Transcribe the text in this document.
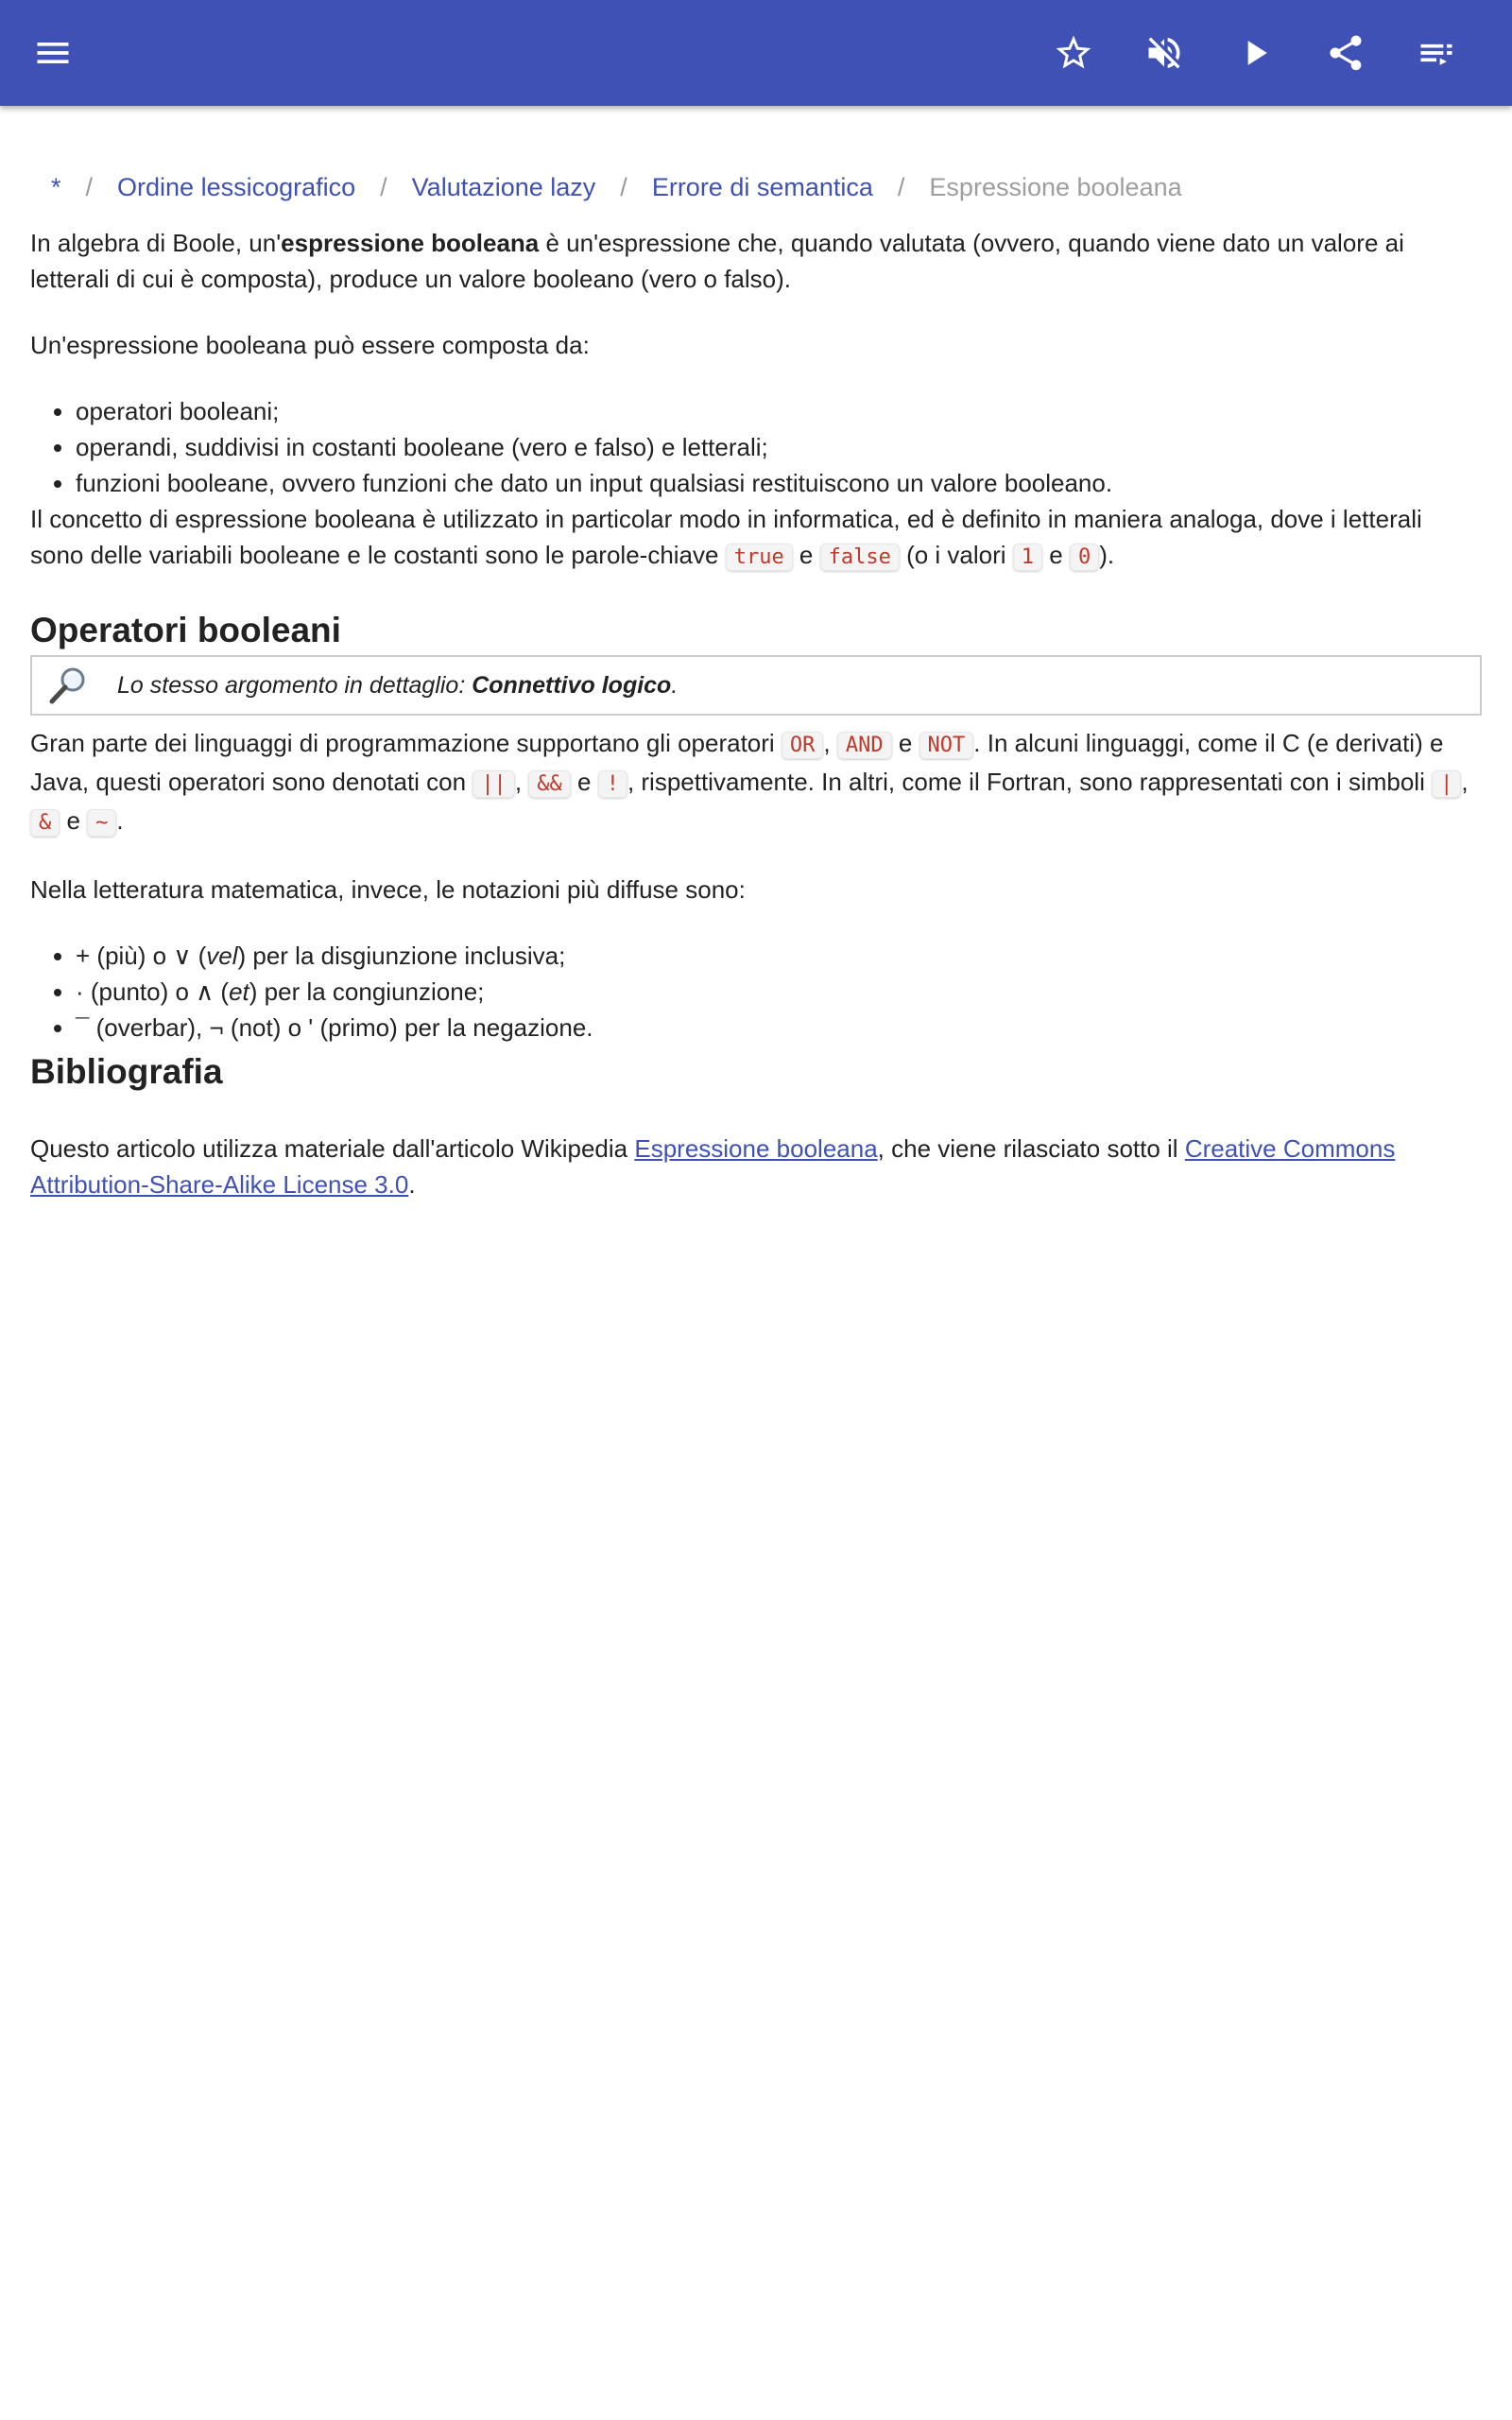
* / Ordine lessicografico / Valutazione lazy / Errore di semantica / Espressione booleana

In algebra di Boole, un'espressione booleana è un'espressione che, quando valutata (ovvero, quando viene dato un valore ai letterali di cui è composta), produce un valore booleano (vero o falso).

Un'espressione booleana può essere composta da:

• operatori booleani;
• operandi, suddivisi in costanti booleane (vero e falso) e letterali;
• funzioni booleane, ovvero funzioni che dato un input qualsiasi restituiscono un valore booleano.

Il concetto di espressione booleana è utilizzato in particolar modo in informatica, ed è definito in maniera analoga, dove i letterali sono delle variabili booleane e le costanti sono le parole-chiave true e false (o i valori 1 e 0 ).

Operatori booleani
Lo stesso argomento in dettaglio: Connettivo logico.

Gran parte dei linguaggi di programmazione supportano gli operatori OR , AND e NOT . In alcuni linguaggi, come il C (e derivati) e Java, questi operatori sono denotati con || , && e ! , rispettivamente. In altri, come il Fortran, sono rappresentati con i simboli | , & e ~ .

Nella letteratura matematica, invece, le notazioni più diffuse sono:

• + (più) o ∨ (vel) per la disgiunzione inclusiva;
• · (punto) o ∧ (et) per la congiunzione;
• ¯ (overbar), ¬ (not) o ' (primo) per la negazione.
Bibliografia

Questo articolo utilizza materiale dall'articolo Wikipedia Espressione booleana, che viene rilasciato sotto il Creative Commons Attribution-Share-Alike License 3.0.
